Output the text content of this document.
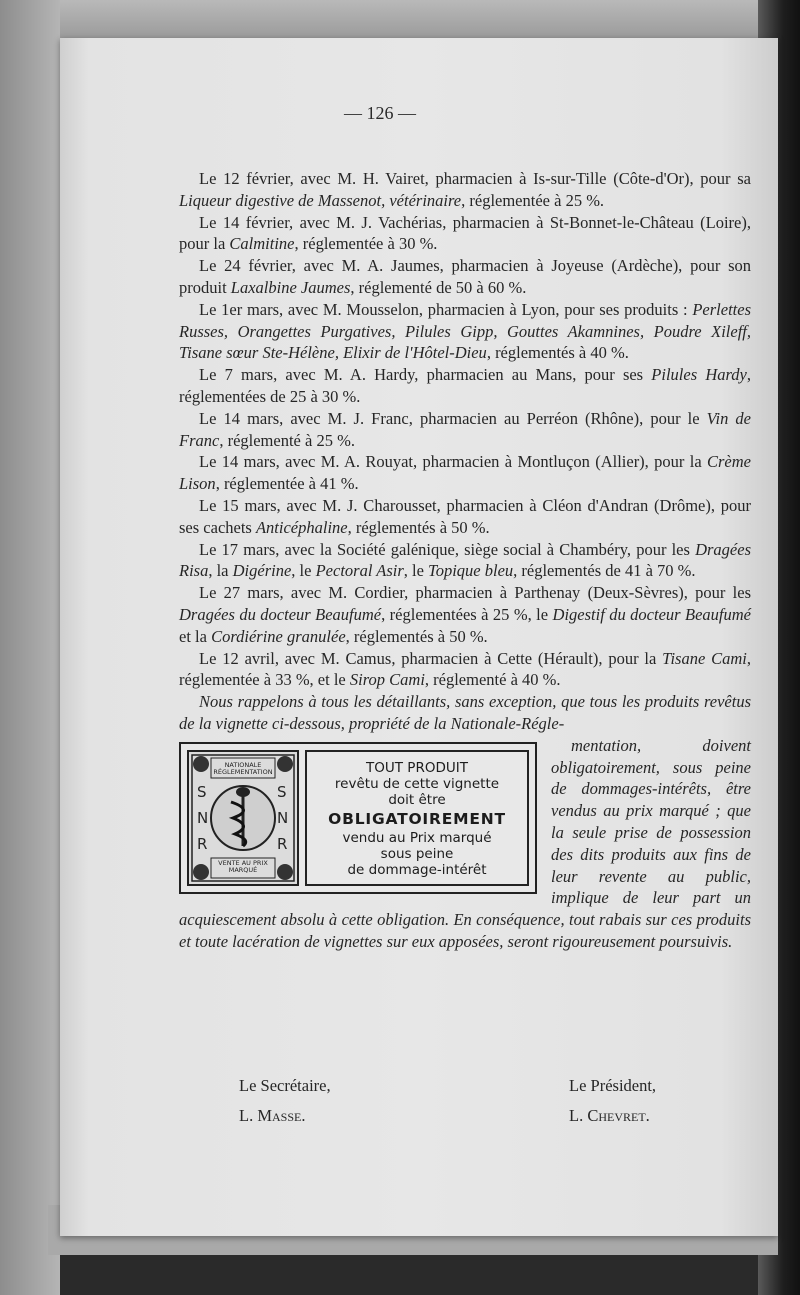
— 126 —

Le 12 février, avec M. H. Vairet, pharmacien à Is-sur-Tille (Côte-d'Or), pour sa Liqueur digestive de Massenot, vétérinaire, réglementée à 25 %.

Le 14 février, avec M. J. Vachérias, pharmacien à St-Bonnet-le-Château (Loire), pour la Calmitine, réglementée à 30 %.

Le 24 février, avec M. A. Jaumes, pharmacien à Joyeuse (Ardèche), pour son produit Laxalbine Jaumes, réglementé de 50 à 60 %.

Le 1er mars, avec M. Mousselon, pharmacien à Lyon, pour ses produits : Perlettes Russes, Orangettes Purgatives, Pilules Gipp, Gouttes Akamnines, Poudre Xileff, Tisane sœur Ste-Hélène, Elixir de l'Hôtel-Dieu, réglementés à 40 %.

Le 7 mars, avec M. A. Hardy, pharmacien au Mans, pour ses Pilules Hardy, réglementées de 25 à 30 %.

Le 14 mars, avec M. J. Franc, pharmacien au Perréon (Rhône), pour le Vin de Franc, réglementé à 25 %.

Le 14 mars, avec M. A. Rouyat, pharmacien à Montluçon (Allier), pour la Crème Lison, réglementée à 41 %.

Le 15 mars, avec M. J. Charousset, pharmacien à Cléon d'Andran (Drôme), pour ses cachets Anticéphaline, réglementés à 50 %.

Le 17 mars, avec la Société galénique, siège social à Chambéry, pour les Dragées Risa, la Digérine, le Pectoral Asir, le Topique bleu, réglementés de 41 à 70 %.

Le 27 mars, avec M. Cordier, pharmacien à Parthenay (Deux-Sèvres), pour les Dragées du docteur Beaufumé, réglementées à 25 %, le Digestif du docteur Beaufumé et la Cordiérine granulée, réglementés à 50 %.

Le 12 avril, avec M. Camus, pharmacien à Cette (Hérault), pour la Tisane Cami, réglementée à 33 %, et le Sirop Cami, réglementé à 40 %.

Nous rappelons à tous les détaillants, sans exception, que tous les produits revêtus de la vignette ci-dessous, propriété de la Nationale-Régle-

NATIONALE RÉGLEMENTATION
S	S
N	N
R	R
VENTE AU PRIX MARQUÉ
TOUT PRODUIT
revêtu de cette vignette
doit être
OBLIGATOIREMENT
vendu au Prix marqué
sous peine
de dommage-intérêt

mentation, doivent obligatoirement, sous peine de dommages-intérêts, être vendus au prix marqué ; que la seule prise de possession des dits produits aux fins de leur revente au public, implique de leur part un acquiescement absolu à cette obligation. En conséquence, tout rabais sur ces produits et toute lacération de vignettes sur eux apposées, seront rigoureusement poursuivis.

Le Secrétaire,
L. Masse.
Le Président,
L. Chevret.
